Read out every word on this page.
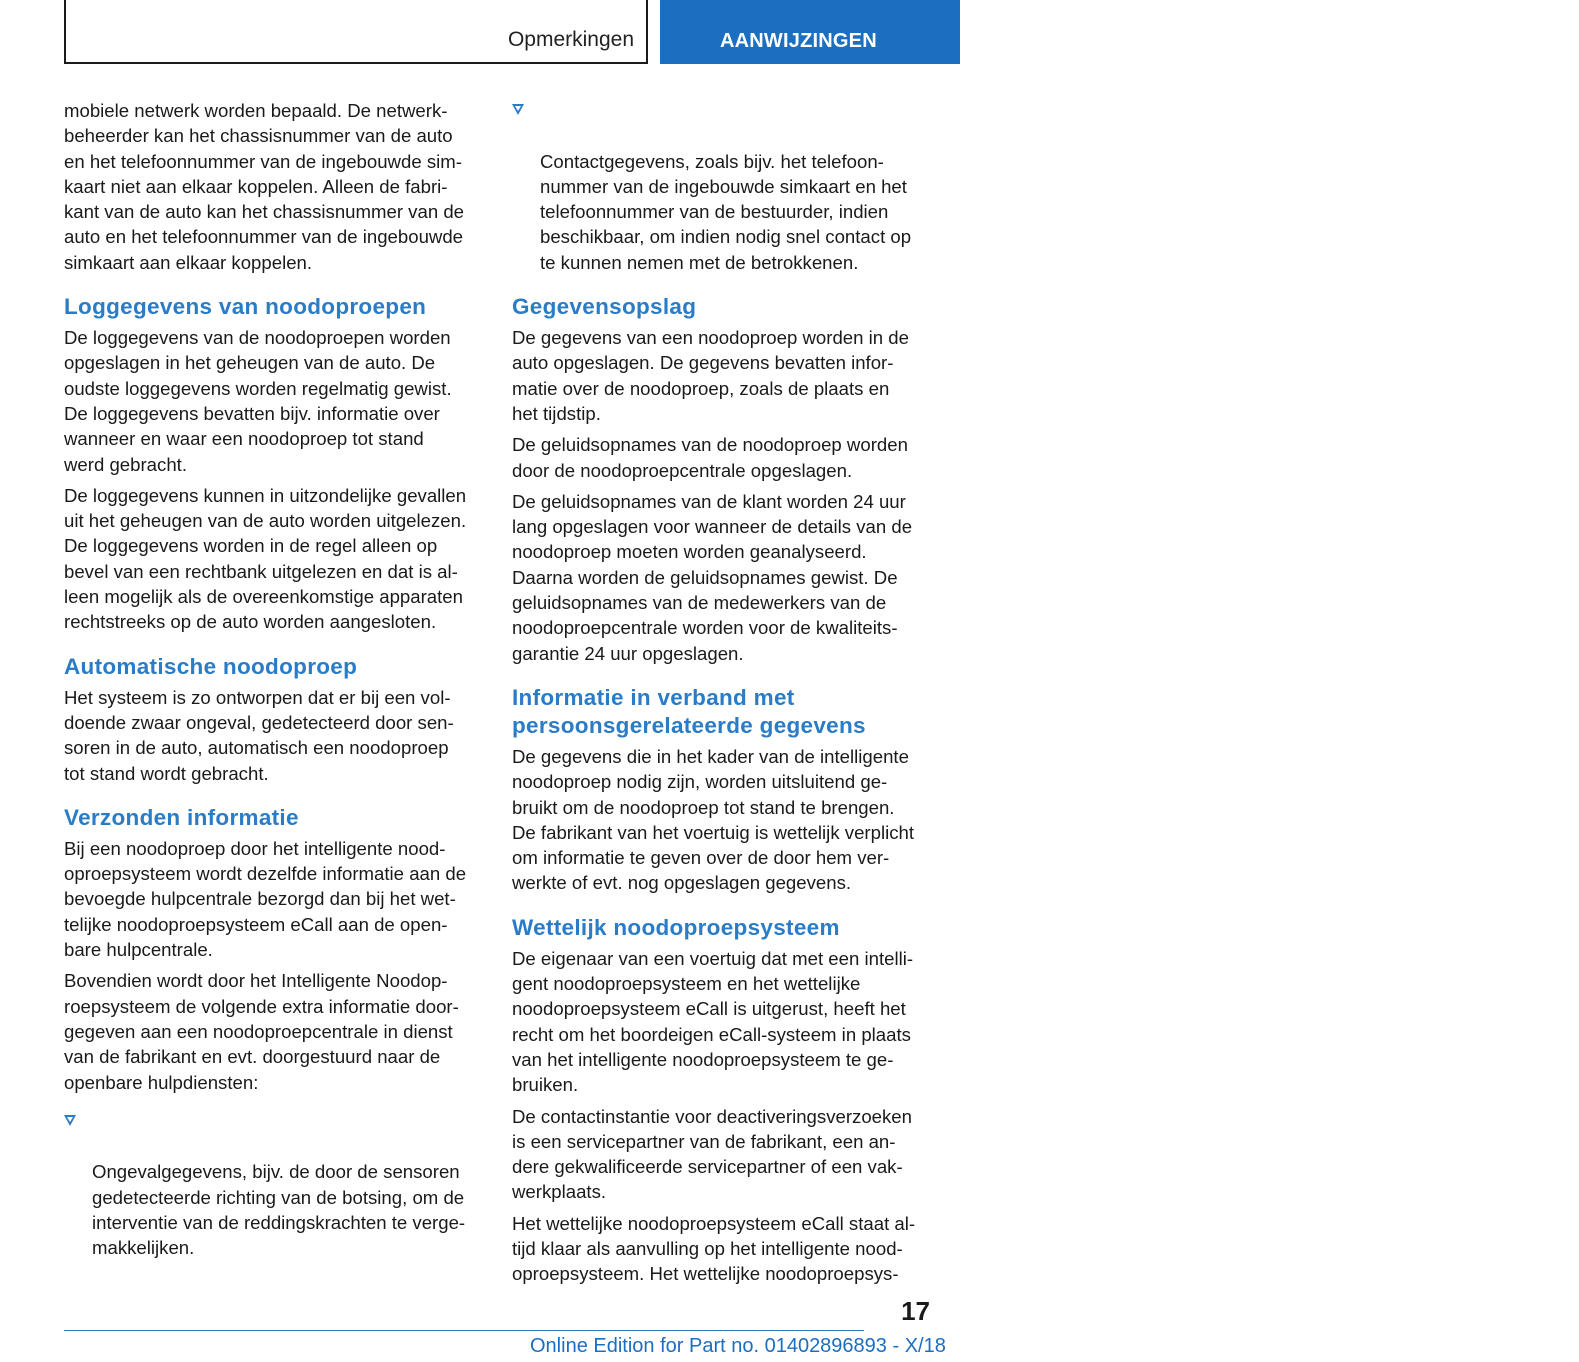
Opmerkingen	AANWIJZINGEN	!

mobiele netwerk worden bepaald. De netwerk-
beheerder kan het chassisnummer van de auto
en het telefoonnummer van de ingebouwde sim-
kaart niet aan elkaar koppelen. Alleen de fabri-
kant van de auto kan het chassisnummer van de
auto en het telefoonnummer van de ingebouwde
simkaart aan elkaar koppelen.

Loggegevens van noodoproepen

De loggegevens van de noodoproepen worden
opgeslagen in het geheugen van de auto. De
oudste loggegevens worden regelmatig gewist.
De loggegevens bevatten bijv. informatie over
wanneer en waar een noodoproep tot stand
werd gebracht.

De loggegevens kunnen in uitzondelijke gevallen
uit het geheugen van de auto worden uitgelezen.
De loggegevens worden in de regel alleen op
bevel van een rechtbank uitgelezen en dat is al-
leen mogelijk als de overeenkomstige apparaten
rechtstreeks op de auto worden aangesloten.

Automatische noodoproep

Het systeem is zo ontworpen dat er bij een vol-
doende zwaar ongeval, gedetecteerd door sen-
soren in de auto, automatisch een noodoproep
tot stand wordt gebracht.

Verzonden informatie

Bij een noodoproep door het intelligente nood-
oproepsysteem wordt dezelfde informatie aan de
bevoegde hulpcentrale bezorgd dan bij het wet-
telijke noodoproepsysteem eCall aan de open-
bare hulpcentrale.

Bovendien wordt door het Intelligente Noodop-
roepsysteem de volgende extra informatie door-
gegeven aan een noodoproepcentrale in dienst
van de fabrikant en evt. doorgestuurd naar de
openbare hulpdiensten:

Ongevalgegevens, bijv. de door de sensoren
gedetecteerde richting van de botsing, om de
interventie van de reddingskrachten te verge-
makkelijken.

Contactgegevens, zoals bijv. het telefoon-
nummer van de ingebouwde simkaart en het
telefoonnummer van de bestuurder, indien
beschikbaar, om indien nodig snel contact op
te kunnen nemen met de betrokkenen.

Gegevensopslag

De gegevens van een noodoproep worden in de
auto opgeslagen. De gegevens bevatten infor-
matie over de noodoproep, zoals de plaats en
het tijdstip.

De geluidsopnames van de noodoproep worden
door de noodoproepcentrale opgeslagen.

De geluidsopnames van de klant worden 24 uur
lang opgeslagen voor wanneer de details van de
noodoproep moeten worden geanalyseerd.
Daarna worden de geluidsopnames gewist. De
geluidsopnames van de medewerkers van de
noodoproepcentrale worden voor de kwaliteits-
garantie 24 uur opgeslagen.

Informatie in verband met
persoonsgerelateerde gegevens

De gegevens die in het kader van de intelligente
noodoproep nodig zijn, worden uitsluitend ge-
bruikt om de noodoproep tot stand te brengen.
De fabrikant van het voertuig is wettelijk verplicht
om informatie te geven over de door hem ver-
werkte of evt. nog opgeslagen gegevens.

Wettelijk noodoproepsysteem

De eigenaar van een voertuig dat met een intelli-
gent noodoproepsysteem en het wettelijke
noodoproepsysteem eCall is uitgerust, heeft het
recht om het boordeigen eCall-systeem in plaats
van het intelligente noodoproepsysteem te ge-
bruiken.

De contactinstantie voor deactiveringsverzoeken
is een servicepartner van de fabrikant, een an-
dere gekwalificeerde servicepartner of een vak-
werkplaats.

Het wettelijke noodoproepsysteem eCall staat al-
tijd klaar als aanvulling op het intelligente nood-
oproepsysteem. Het wettelijke noodoproepsys-

17
Online Edition for Part no. 01402896893 - X/18
